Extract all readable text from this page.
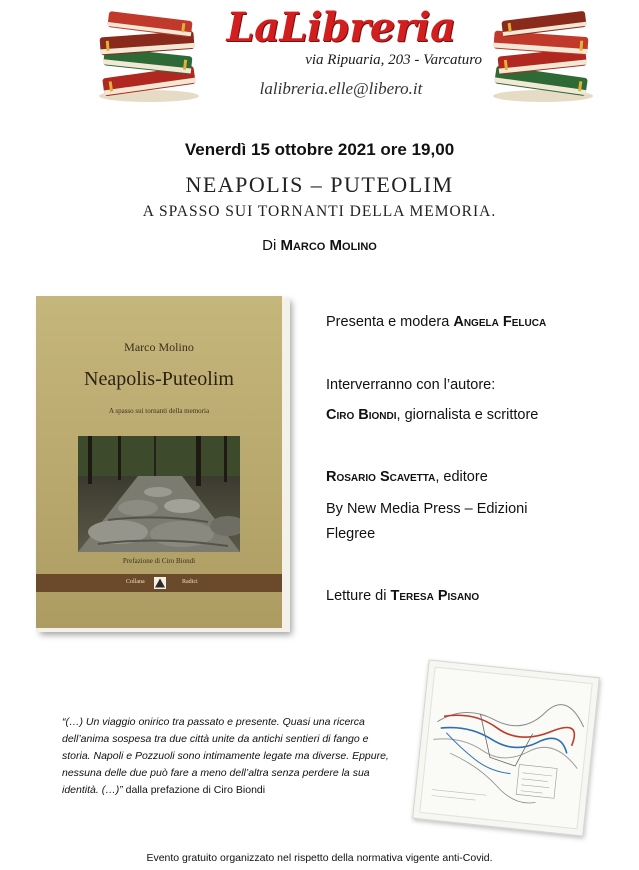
LaLibreria
via Ripuaria, 203 - Varcaturo
lalibreria.elle@libero.it
Venerdì 15 ottobre 2021 ore 19,00
NEAPOLIS – PUTEOLIM
A SPASSO SUI TORNANTI DELLA MEMORIA.
Di Marco Molino
Marco Molino
Neapolis-Puteolim
A spasso sui tornanti della memoria
Prefazione di Ciro Biondi
Collana	Radici
Presenta e modera Angela Feluca
Interverranno con l’autore:
Ciro Biondi, giornalista e scrittore
Rosario Scavetta, editore
By New Media Press – Edizioni
Flegree
Letture di Teresa Pisano
“(…) Un viaggio onirico tra passato e presente. Quasi una ricerca dell’anima sospesa tra due città unite da antichi sentieri di fango e storia. Napoli e Pozzuoli sono intimamente legate ma diverse. Eppure, nessuna delle due può fare a meno dell’altra senza perdere la sua identità. (…)” dalla prefazione di Ciro Biondi
Evento gratuito organizzato nel rispetto della normativa vigente anti-Covid.
